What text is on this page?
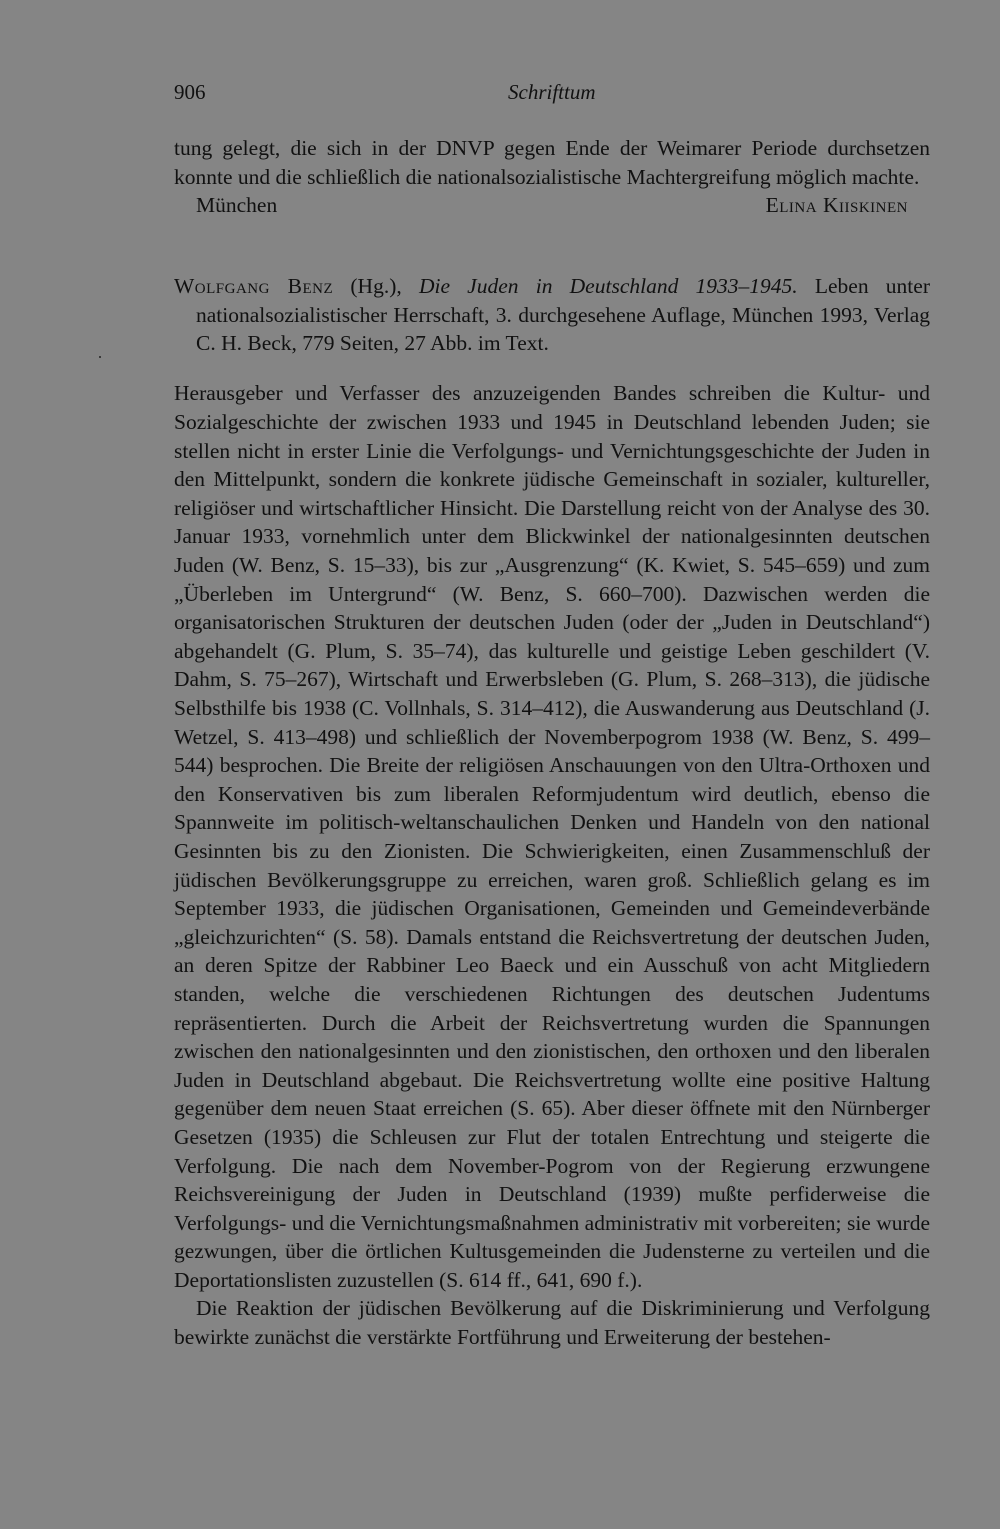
906	Schrifttum

tung gelegt, die sich in der DNVP gegen Ende der Weimarer Periode durchsetzen konnte und die schließlich die nationalsozialistische Machtergreifung möglich machte.

München	Elina Kiiskinen

Wolfgang Benz (Hg.), Die Juden in Deutschland 1933–1945. Leben unter nationalsozialistischer Herrschaft, 3. durchgesehene Auflage, München 1993, Verlag C. H. Beck, 779 Seiten, 27 Abb. im Text.

Herausgeber und Verfasser des anzuzeigenden Bandes schreiben die Kultur- und Sozialgeschichte der zwischen 1933 und 1945 in Deutschland lebenden Juden; sie stellen nicht in erster Linie die Verfolgungs- und Vernichtungsgeschichte der Juden in den Mittelpunkt, sondern die konkrete jüdische Gemeinschaft in sozialer, kultureller, religiöser und wirtschaftlicher Hinsicht. Die Darstellung reicht von der Analyse des 30. Januar 1933, vornehmlich unter dem Blickwinkel der nationalgesinnten deutschen Juden (W. Benz, S. 15–33), bis zur „Ausgrenzung“ (K. Kwiet, S. 545–659) und zum „Überleben im Untergrund“ (W. Benz, S. 660–700). Dazwischen werden die organisatorischen Strukturen der deutschen Juden (oder der „Juden in Deutschland“) abgehandelt (G. Plum, S. 35–74), das kulturelle und geistige Leben geschildert (V. Dahm, S. 75–267), Wirtschaft und Erwerbsleben (G. Plum, S. 268–313), die jüdische Selbsthilfe bis 1938 (C. Vollnhals, S. 314–412), die Auswanderung aus Deutschland (J. Wetzel, S. 413–498) und schließlich der Novemberpogrom 1938 (W. Benz, S. 499–544) besprochen. Die Breite der religiösen Anschauungen von den Ultra-Orthoxen und den Konservativen bis zum liberalen Reformjudentum wird deutlich, ebenso die Spannweite im politisch-weltanschaulichen Denken und Handeln von den national Gesinnten bis zu den Zionisten. Die Schwierigkeiten, einen Zusammenschluß der jüdischen Bevölkerungsgruppe zu erreichen, waren groß. Schließlich gelang es im September 1933, die jüdischen Organisationen, Gemeinden und Gemeindeverbände „gleichzurichten“ (S. 58). Damals entstand die Reichsvertretung der deutschen Juden, an deren Spitze der Rabbiner Leo Baeck und ein Ausschuß von acht Mitgliedern standen, welche die verschiedenen Richtungen des deutschen Judentums repräsentierten. Durch die Arbeit der Reichsvertretung wurden die Spannungen zwischen den nationalgesinnten und den zionistischen, den orthoxen und den liberalen Juden in Deutschland abgebaut. Die Reichsvertretung wollte eine positive Haltung gegenüber dem neuen Staat erreichen (S. 65). Aber dieser öffnete mit den Nürnberger Gesetzen (1935) die Schleusen zur Flut der totalen Entrechtung und steigerte die Verfolgung. Die nach dem November-Pogrom von der Regierung erzwungene Reichsvereinigung der Juden in Deutschland (1939) mußte perfiderweise die Verfolgungs- und die Vernichtungsmaßnahmen administrativ mit vorbereiten; sie wurde gezwungen, über die örtlichen Kultusgemeinden die Judensterne zu verteilen und die Deportationslisten zuzustellen (S. 614 ff., 641, 690 f.).

Die Reaktion der jüdischen Bevölkerung auf die Diskriminierung und Verfolgung bewirkte zunächst die verstärkte Fortführung und Erweiterung der bestehen-
